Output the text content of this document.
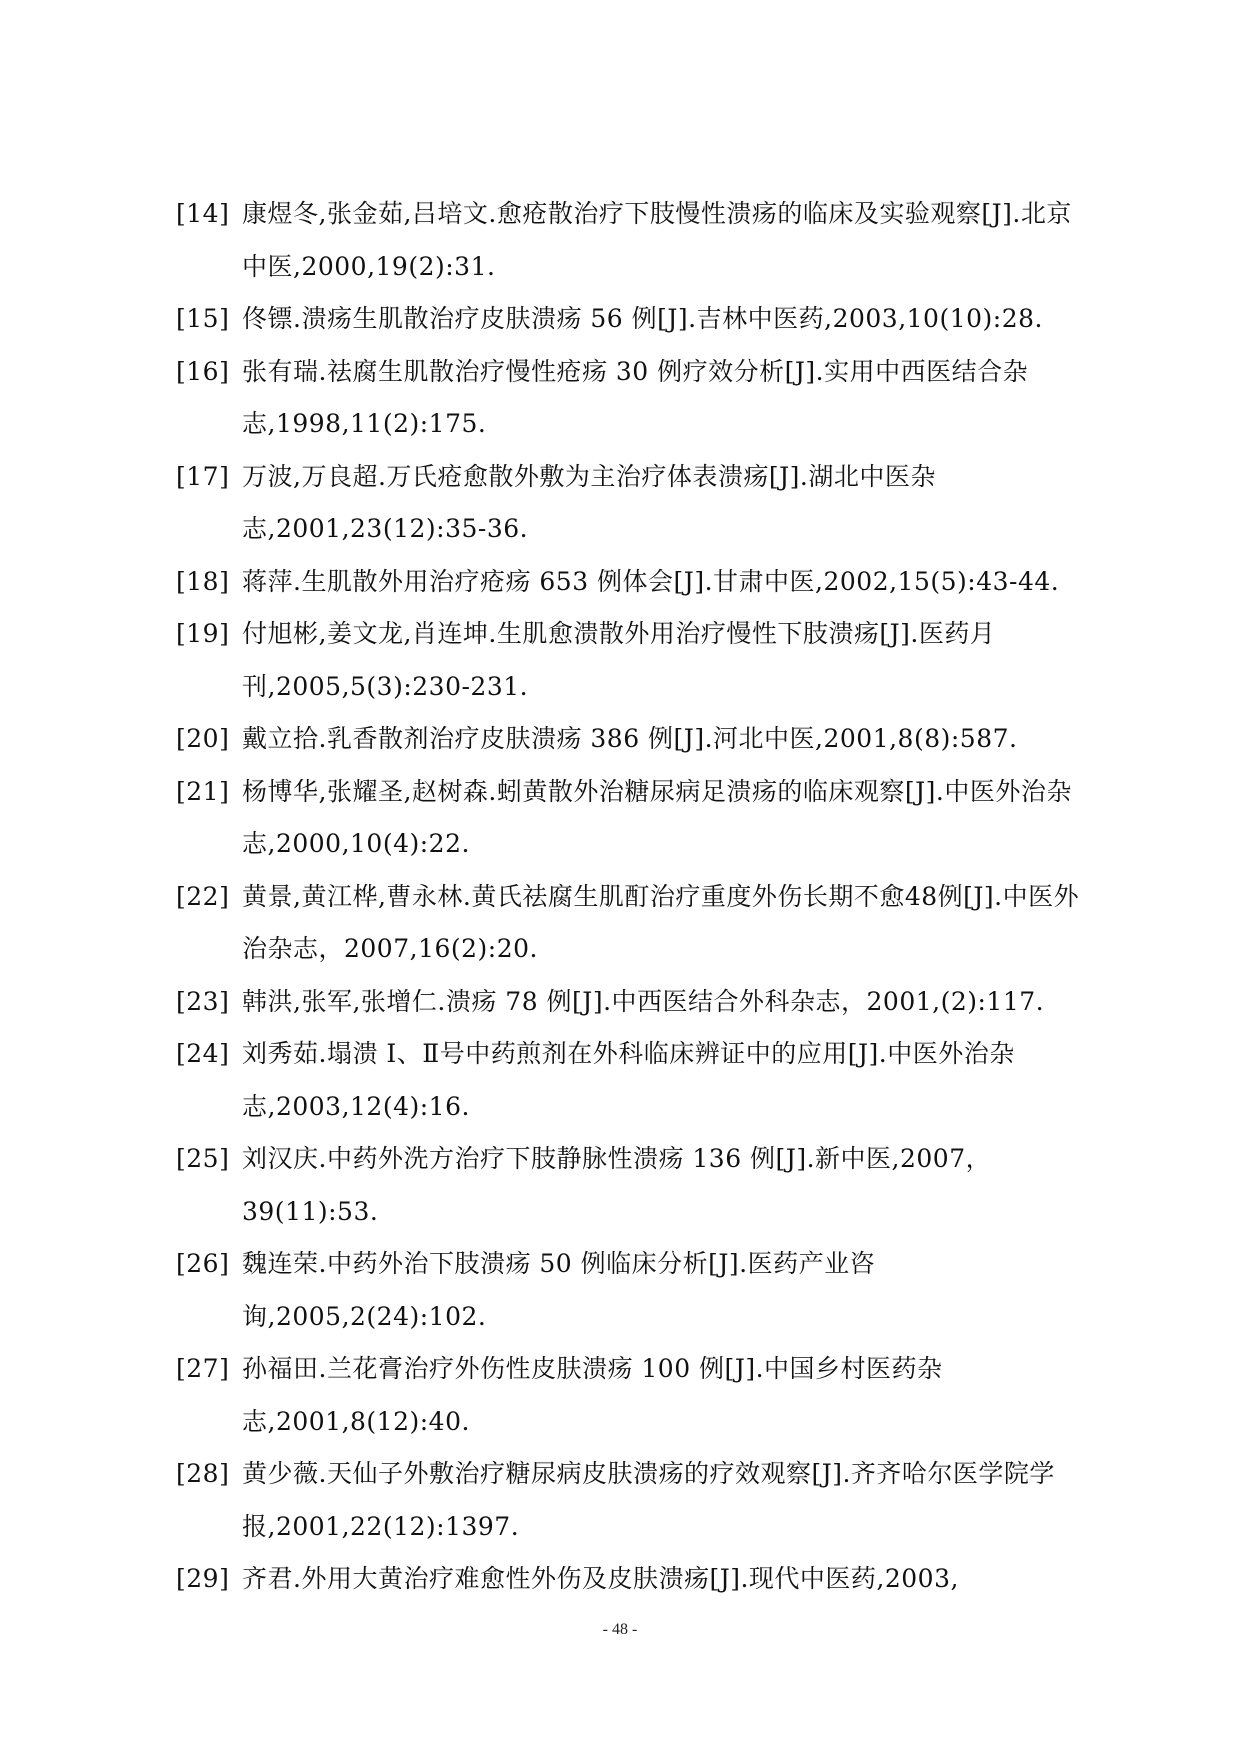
[14] 康煜冬,张金茹,吕培文.愈疮散治疗下肢慢性溃疡的临床及实验观察[J].北京中医,2000,19(2):31.
[15] 佟镖.溃疡生肌散治疗皮肤溃疡 56 例[J].吉林中医药,2003,10(10):28.
[16] 张有瑞.祛腐生肌散治疗慢性疮疡 30 例疗效分析[J].实用中西医结合杂志,1998,11(2):175.
[17] 万波,万良超.万氏疮愈散外敷为主治疗体表溃疡[J].湖北中医杂志,2001,23(12):35-36.
[18] 蒋萍.生肌散外用治疗疮疡 653 例体会[J].甘肃中医,2002,15(5):43-44.
[19] 付旭彬,姜文龙,肖连坤.生肌愈溃散外用治疗慢性下肢溃疡[J].医药月刊,2005,5(3):230-231.
[20] 戴立拾.乳香散剂治疗皮肤溃疡 386 例[J].河北中医,2001,8(8):587.
[21] 杨博华,张耀圣,赵树森.蚓黄散外治糖尿病足溃疡的临床观察[J].中医外治杂志,2000,10(4):22.
[22] 黄景,黄江桦,曹永林.黄氏祛腐生肌酊治疗重度外伤长期不愈48例[J].中医外治杂志，2007,16(2):20.
[23] 韩洪,张军,张增仁.溃疡 78 例[J].中西医结合外科杂志，2001,(2):117.
[24] 刘秀茹.塌溃 Ⅰ、Ⅱ号中药煎剂在外科临床辨证中的应用[J].中医外治杂志,2003,12(4):16.
[25] 刘汉庆.中药外洗方治疗下肢静脉性溃疡 136 例[J].新中医,2007，39(11):53.
[26] 魏连荣.中药外治下肢溃疡 50 例临床分析[J].医药产业咨询,2005,2(24):102.
[27] 孙福田.兰花膏治疗外伤性皮肤溃疡 100 例[J].中国乡村医药杂志,2001,8(12):40.
[28] 黄少薇.天仙子外敷治疗糖尿病皮肤溃疡的疗效观察[J].齐齐哈尔医学院学报,2001,22(12):1397.
[29] 齐君.外用大黄治疗难愈性外伤及皮肤溃疡[J].现代中医药,2003,
- 48 -
